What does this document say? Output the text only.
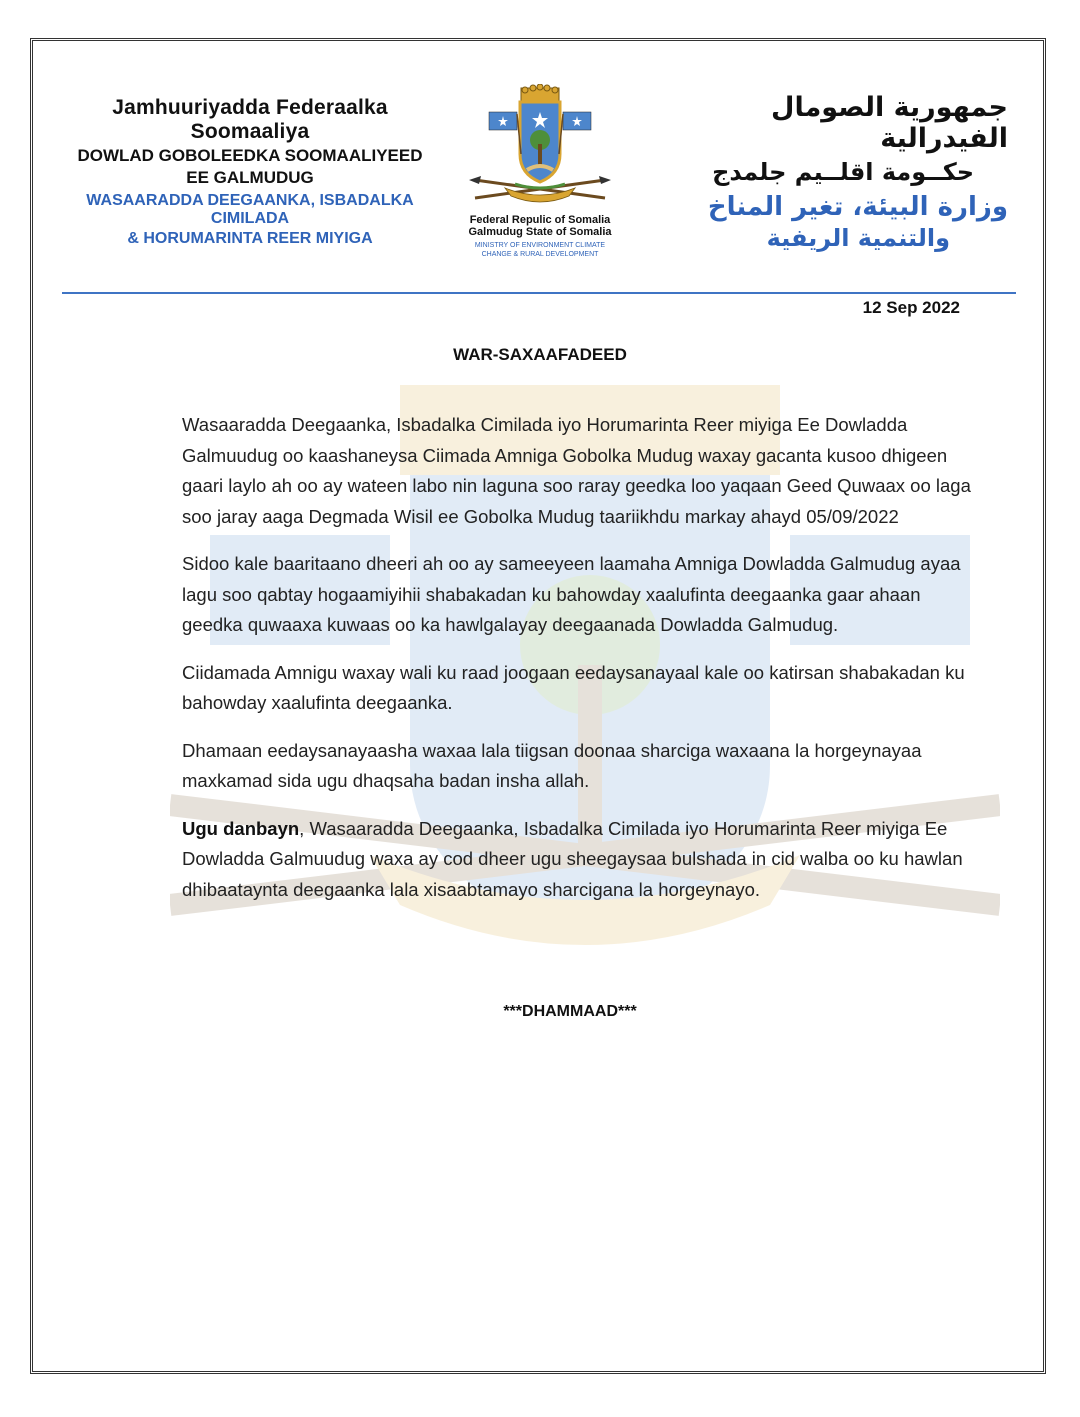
Jamhuuriyadda Federaalka Soomaaliya
DOWLAD GOBOLEEDKA SOOMAALIYEED
EE GALMUDUG
WASAARADDA DEEGAANKA, ISBADALKA CIMILADA
& HORUMARINTA REER MIYIGA
Federal Repulic of Somalia
Galmudug State of Somalia
MINISTRY OF ENVIRONMENT CLIMATE
CHANGE & RURAL DEVELOPMENT
جمهورية الصومال الفيدرالية
حكــومة اقلــيم جلمدج
وزارة البيئة، تغير المناخ
والتنمية الريفية
12 Sep 2022
WAR-SAXAAFADEED

Wasaaradda Deegaanka, Isbadalka Cimilada iyo Horumarinta Reer miyiga Ee Dowladda Galmuudug oo kaashaneysa Ciimada Amniga Gobolka Mudug waxay gacanta kusoo dhigeen gaari laylo ah oo ay wateen labo nin laguna soo raray geedka loo yaqaan Geed Quwaax oo laga soo jaray aaga Degmada Wisil ee Gobolka Mudug taariikhdu markay ahayd 05/09/2022

Sidoo kale baaritaano dheeri ah oo ay sameeyeen laamaha Amniga Dowladda Galmudug ayaa lagu soo qabtay hogaamiyihii shabakadan ku bahowday xaalufinta deegaanka gaar ahaan geedka quwaaxa kuwaas oo ka hawlgalayay deegaanada Dowladda Galmudug.

Ciidamada Amnigu waxay wali ku raad joogaan eedaysanayaal kale oo katirsan shabakadan ku bahowday xaalufinta deegaanka.

Dhamaan eedaysanayaasha waxaa lala tiigsan doonaa sharciga waxaana la horgeynayaa maxkamad sida ugu dhaqsaha badan insha allah.

Ugu danbayn, Wasaaradda Deegaanka, Isbadalka Cimilada iyo Horumarinta Reer miyiga Ee Dowladda Galmuudug waxa ay cod dheer ugu sheegaysaa bulshada in cid walba oo ku hawlan dhibaataynta deegaanka lala xisaabtamayo sharcigana la horgeynayo.

***DHAMMAAD***
